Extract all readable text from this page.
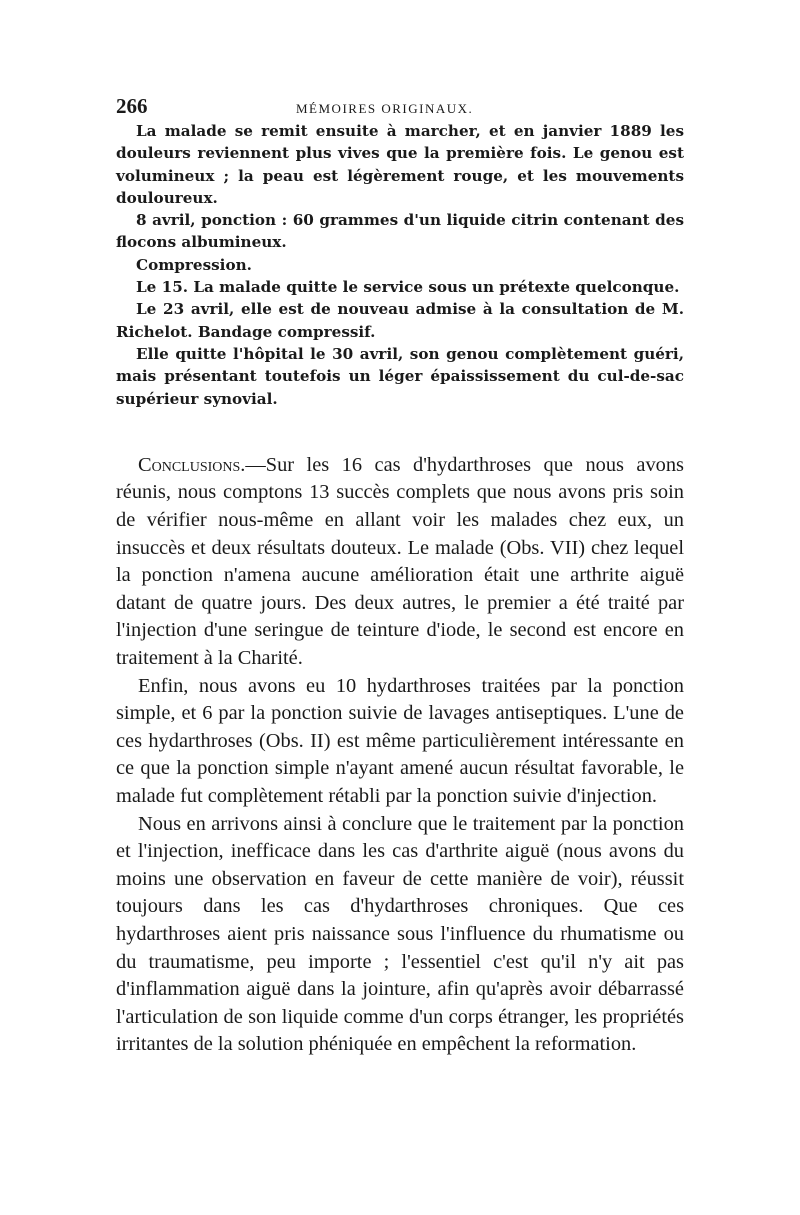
266	MÉMOIRES ORIGINAUX.

La malade se remit ensuite à marcher, et en janvier 1889 les douleurs reviennent plus vives que la première fois. Le genou est volumineux ; la peau est légèrement rouge, et les mouvements douloureux.

8 avril, ponction : 60 grammes d'un liquide citrin contenant des flocons albumineux.

Compression.

Le 15. La malade quitte le service sous un prétexte quelconque.

Le 23 avril, elle est de nouveau admise à la consultation de M. Richelot. Bandage compressif.

Elle quitte l'hôpital le 30 avril, son genou complètement guéri, mais présentant toutefois un léger épaississement du cul-de-sac supérieur synovial.

Conclusions.—Sur les 16 cas d'hydarthroses que nous avons réunis, nous comptons 13 succès complets que nous avons pris soin de vérifier nous-même en allant voir les malades chez eux, un insuccès et deux résultats douteux. Le malade (Obs. VII) chez lequel la ponction n'amena aucune amélioration était une arthrite aiguë datant de quatre jours. Des deux autres, le premier a été traité par l'injection d'une seringue de teinture d'iode, le second est encore en traitement à la Charité.

Enfin, nous avons eu 10 hydarthroses traitées par la ponction simple, et 6 par la ponction suivie de lavages antiseptiques. L'une de ces hydarthroses (Obs. II) est même particulièrement intéressante en ce que la ponction simple n'ayant amené aucun résultat favorable, le malade fut complètement rétabli par la ponction suivie d'injection.

Nous en arrivons ainsi à conclure que le traitement par la ponction et l'injection, inefficace dans les cas d'arthrite aiguë (nous avons du moins une observation en faveur de cette manière de voir), réussit toujours dans les cas d'hydarthroses chroniques. Que ces hydarthroses aient pris naissance sous l'influence du rhumatisme ou du traumatisme, peu importe ; l'essentiel c'est qu'il n'y ait pas d'inflammation aiguë dans la jointure, afin qu'après avoir débarrassé l'articulation de son liquide comme d'un corps étranger, les propriétés irritantes de la solution phéniquée en empêchent la reformation.
